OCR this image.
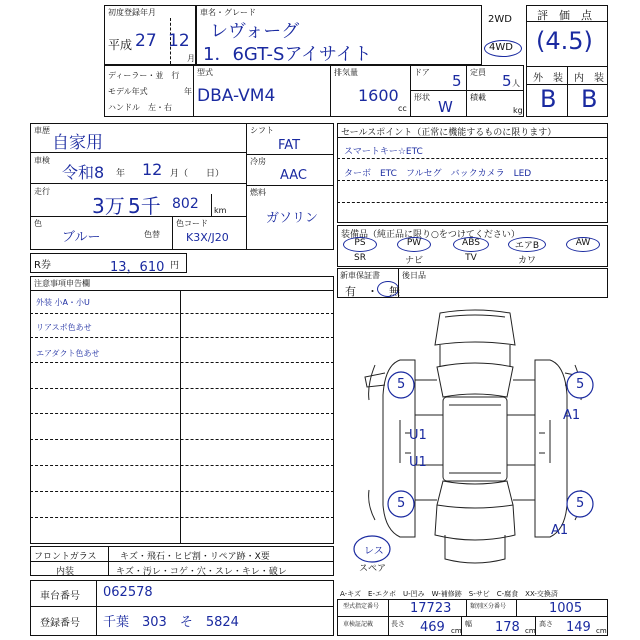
初度登録年月
平成 27 12
月
車名・グレード
レヴォーグ
1．6GT-Sアイサイト
2WD
4WD
評　価　点
(4.5)
外　装 内　装
B B
ディーラー・並　行
モデル年式	年
ハンドル　左・右
型式
DBA-VM4
排気量
1600
cc
ドア 5 定員 5 人
形状
W
積載
kg
車歴
自家用
車検
令和8 年 12 月（　　日）
走行
3万 5千 802 km
色
ブルー	色替
色コード
K3X/J20
シフト
FAT
冷房
AAC
燃料
ガソリン
R券	13，610 円
セールスポイント（正常に機能するものに限ります）
スマートキー☆ETC
ターボ　ETC　フルセグ　バックカメラ　LED
装備品（純正品に限り○をつけてください）
PS	PW	ABS	エアB	AW
SR	ナビ	TV	カワ
新車保証書
有　・　無
後日品
注意事項申告欄
外装 小A・小U
リアスポ色あせ
エアダクト色あせ
5	5
5	5
A1
U1
U1
A1
レス
スペア
フロントガラス	キズ・飛石・ヒビ割・リペア跡・X要
内装	キズ・汚レ・コゲ・穴・スレ・キレ・破レ
車台番号 062578
登録番号 千葉　303　そ　5824
A-キズ　E-エクボ　U-凹み　W-補修跡　S-サビ　C-腐食　XX-交換済
型式指定番号 17723	類別区分番号	1005
車検証記載	長さ 469 cm
幅 178 cm
高さ 149 cm
